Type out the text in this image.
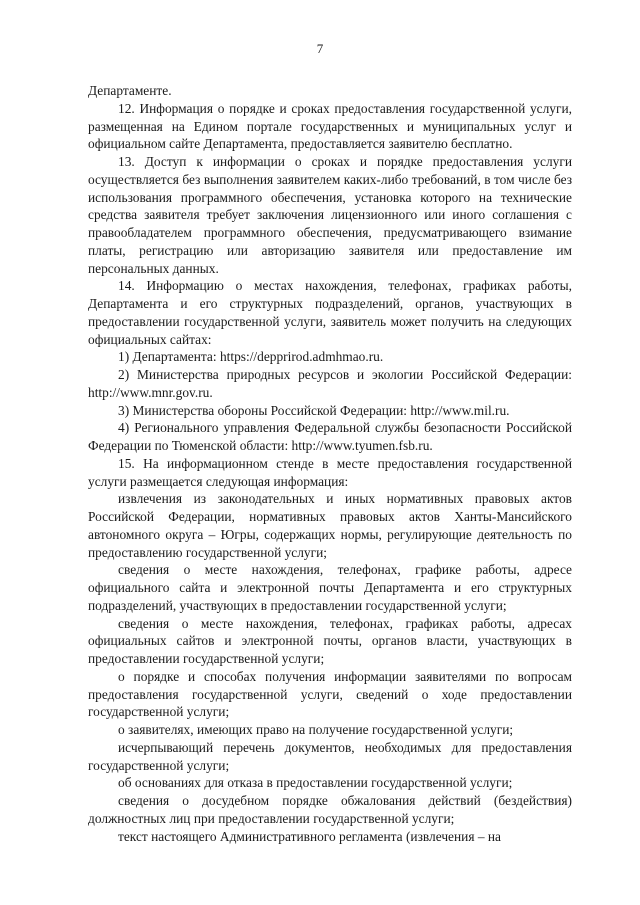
7

Департаменте.

12. Информация о порядке и сроках предоставления государственной услуги, размещенная на Едином портале государственных и муниципальных услуг и официальном сайте Департамента, предоставляется заявителю бесплатно.

13. Доступ к информации о сроках и порядке предоставления услуги осуществляется без выполнения заявителем каких-либо требований, в том числе без использования программного обеспечения, установка которого на технические средства заявителя требует заключения лицензионного или иного соглашения с правообладателем программного обеспечения, предусматривающего взимание платы, регистрацию или авторизацию заявителя или предоставление им персональных данных.

14. Информацию о местах нахождения, телефонах, графиках работы, Департамента и его структурных подразделений, органов, участвующих в предоставлении государственной услуги, заявитель может получить на следующих официальных сайтах:

1) Департамента: https://depprirod.admhmao.ru.

2) Министерства природных ресурсов и экологии Российской Федерации: http://www.mnr.gov.ru.

3) Министерства обороны Российской Федерации: http://www.mil.ru.

4) Регионального управления Федеральной службы безопасности Российской Федерации по Тюменской области: http://www.tyumen.fsb.ru.

15. На информационном стенде в месте предоставления государственной услуги размещается следующая информация:

извлечения из законодательных и иных нормативных правовых актов Российской Федерации, нормативных правовых актов Ханты-Мансийского автономного округа – Югры, содержащих нормы, регулирующие деятельность по предоставлению государственной услуги;

сведения о месте нахождения, телефонах, графике работы, адресе официального сайта и электронной почты Департамента и его структурных подразделений, участвующих в предоставлении государственной услуги;

сведения о месте нахождения, телефонах, графиках работы, адресах официальных сайтов и электронной почты, органов власти, участвующих в предоставлении государственной услуги;

о порядке и способах получения информации заявителями по вопросам предоставления государственной услуги, сведений о ходе предоставлении государственной услуги;

о заявителях, имеющих право на получение государственной услуги;

исчерпывающий перечень документов, необходимых для предоставления государственной услуги;

об основаниях для отказа в предоставлении государственной услуги;

сведения о досудебном порядке обжалования действий (бездействия) должностных лиц при предоставлении государственной услуги;

текст настоящего Административного регламента (извлечения – на
